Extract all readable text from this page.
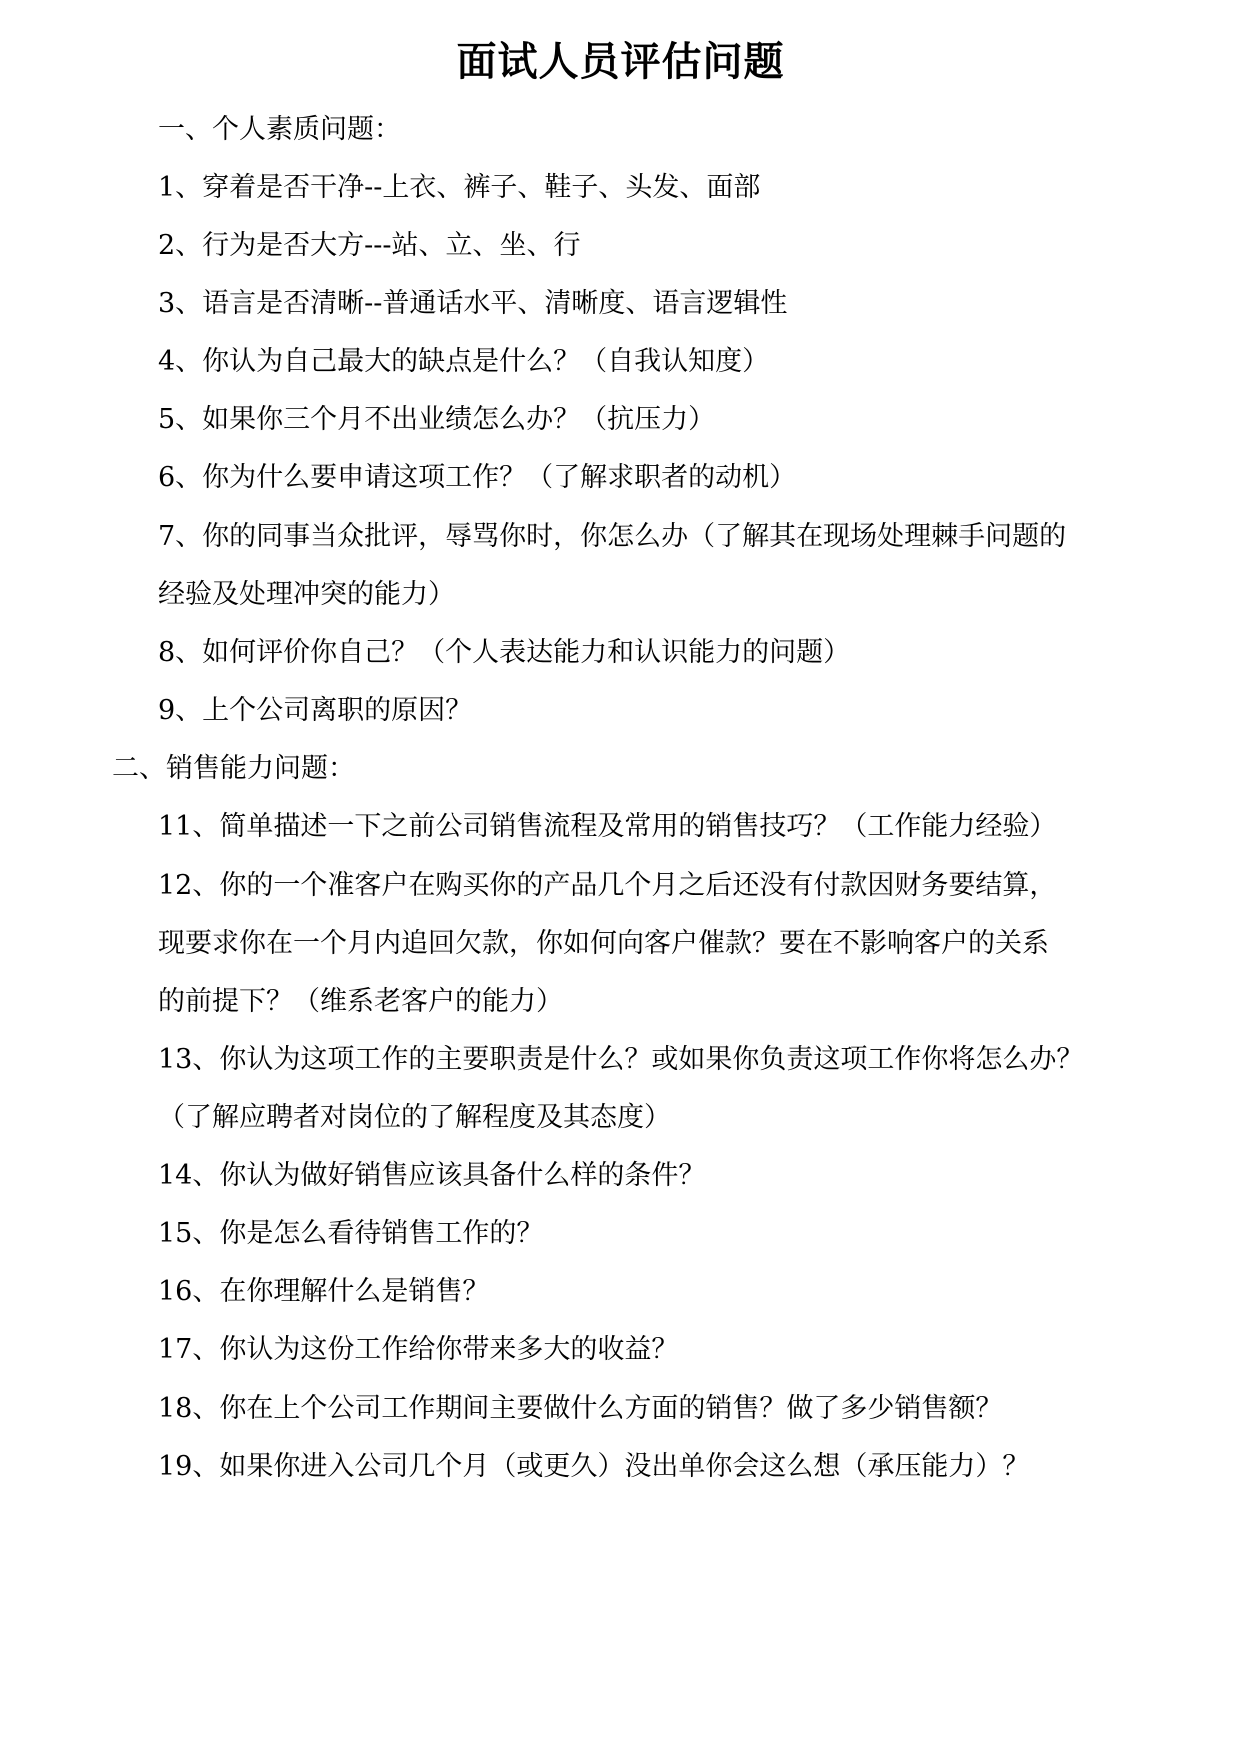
面试人员评估问题
一、个人素质问题：
1、穿着是否干净--上衣、裤子、鞋子、头发、面部
2、行为是否大方---站、立、坐、行
3、语言是否清晰--普通话水平、清晰度、语言逻辑性
4、你认为自己最大的缺点是什么？（自我认知度）
5、如果你三个月不出业绩怎么办？（抗压力）
6、你为什么要申请这项工作？（了解求职者的动机）
7、你的同事当众批评，辱骂你时，你怎么办（了解其在现场处理棘手问题的
经验及处理冲突的能力）
8、如何评价你自己？（个人表达能力和认识能力的问题）
9、上个公司离职的原因？
二、销售能力问题：
11、简单描述一下之前公司销售流程及常用的销售技巧？（工作能力经验）
12、你的一个准客户在购买你的产品几个月之后还没有付款因财务要结算，
现要求你在一个月内追回欠款，你如何向客户催款？要在不影响客户的关系
的前提下？（维系老客户的能力）
13、你认为这项工作的主要职责是什么？或如果你负责这项工作你将怎么办？
（了解应聘者对岗位的了解程度及其态度）
14、你认为做好销售应该具备什么样的条件？
15、你是怎么看待销售工作的？
16、在你理解什么是销售？
17、你认为这份工作给你带来多大的收益？
18、你在上个公司工作期间主要做什么方面的销售？做了多少销售额？
19、如果你进入公司几个月（或更久）没出单你会这么想（承压能力）？
